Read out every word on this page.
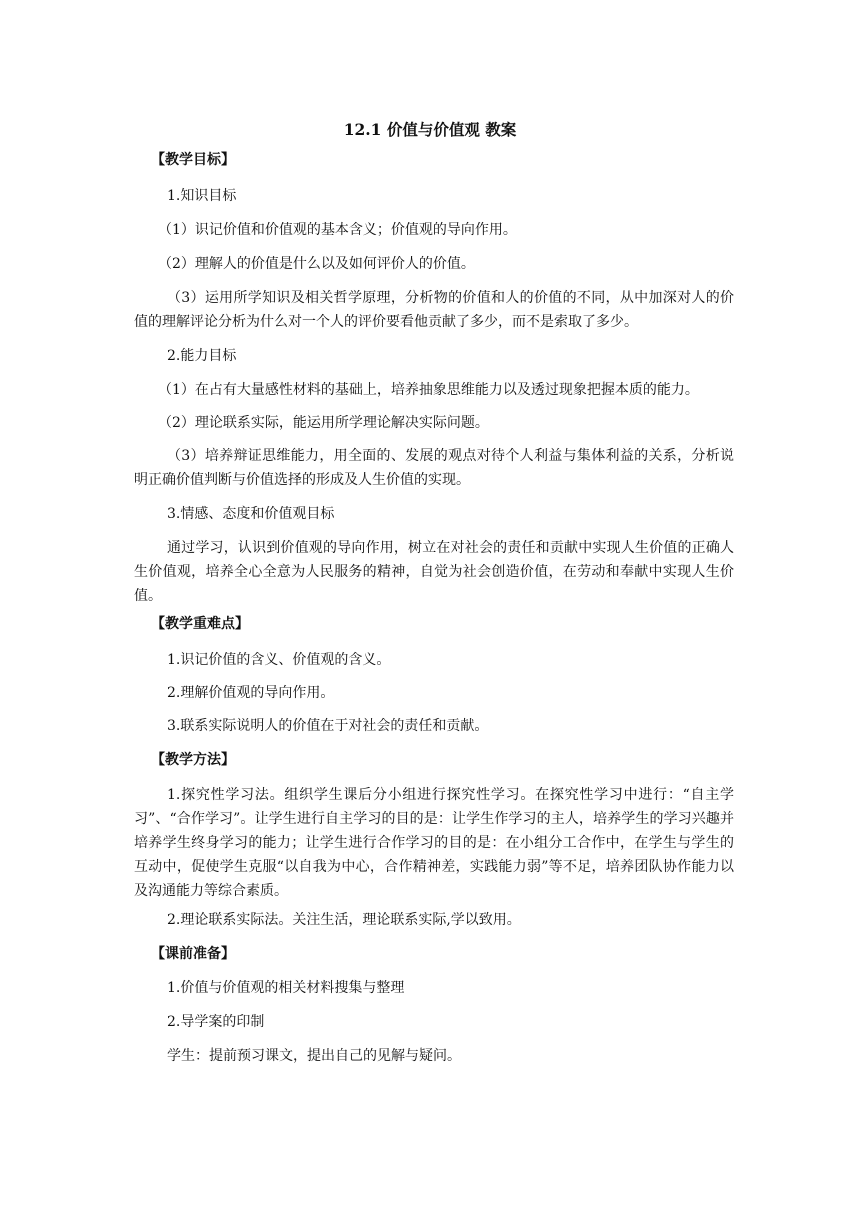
12.1 价值与价值观 教案

【教学目标】

1.知识目标

（1）识记价值和价值观的基本含义；价值观的导向作用。

（2）理解人的价值是什么以及如何评价人的价值。

（3）运用所学知识及相关哲学原理，分析物的价值和人的价值的不同，从中加深对人的价值的理解评论分析为什么对一个人的评价要看他贡献了多少，而不是索取了多少。

2.能力目标

（1）在占有大量感性材料的基础上，培养抽象思维能力以及透过现象把握本质的能力。

（2）理论联系实际，能运用所学理论解决实际问题。

（3）培养辩证思维能力，用全面的、发展的观点对待个人利益与集体利益的关系，分析说明正确价值判断与价值选择的形成及人生价值的实现。

3.情感、态度和价值观目标

通过学习，认识到价值观的导向作用，树立在对社会的责任和贡献中实现人生价值的正确人生价值观，培养全心全意为人民服务的精神，自觉为社会创造价值，在劳动和奉献中实现人生价值。

【教学重难点】

1.识记价值的含义、价值观的含义。

2.理解价值观的导向作用。

3.联系实际说明人的价值在于对社会的责任和贡献。

【教学方法】

1.探究性学习法。组织学生课后分小组进行探究性学习。在探究性学习中进行：“自主学习”、“合作学习”。让学生进行自主学习的目的是：让学生作学习的主人，培养学生的学习兴趣并培养学生终身学习的能力；让学生进行合作学习的目的是：在小组分工合作中，在学生与学生的互动中，促使学生克服“以自我为中心，合作精神差，实践能力弱”等不足，培养团队协作能力以及沟通能力等综合素质。

2.理论联系实际法。关注生活，理论联系实际,学以致用。

【课前准备】

1.价值与价值观的相关材料搜集与整理

2.导学案的印制

学生：提前预习课文，提出自己的见解与疑问。
